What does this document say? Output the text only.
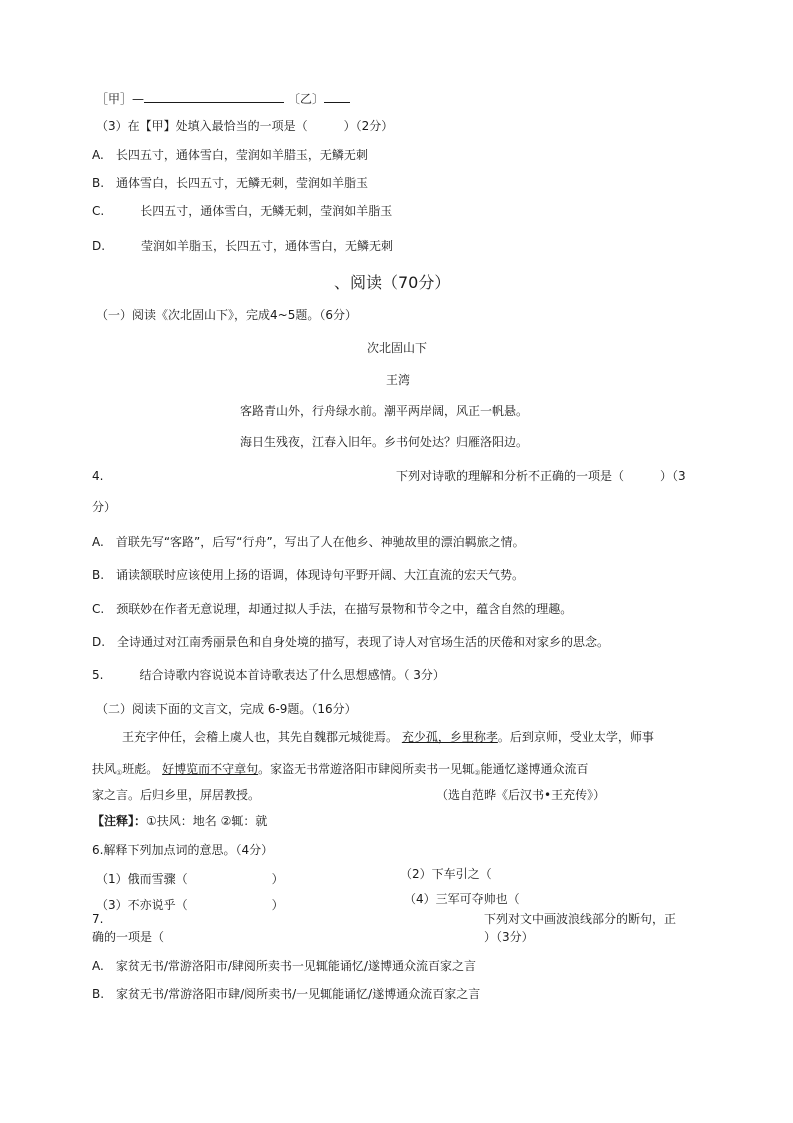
［甲］—	〔乙〕
（3）在【甲】处填入最恰当的一项是（　　　）（2分）
A.　长四五寸，通体雪白，莹润如羊腊玉，无鳞无刺
B.　通体雪白，长四五寸，无鳞无刺，莹润如羊脂玉
C.　　　长四五寸，通体雪白，无鳞无刺，莹润如羊脂玉
D.　　　莹润如羊脂玉，长四五寸，通体雪白，无鳞无刺
、阅读（70分）
（一）阅读《次北固山下》，完成4~5题。（6分）
次北固山下
王湾
客路青山外，行舟绿水前。潮平两岸阔，风正一帆悬。
海日生残夜，江春入旧年。乡书何处达？归雁洛阳边。
4.	下列对诗歌的理解和分析不正确的一项是（　　　）（3
分）
A.　首联先写“客路”，后写“行舟”，写出了人在他乡、神驰故里的漂泊羁旅之情。
B.　诵读颔联时应该使用上扬的语调，体现诗句平野开阔、大江直流的宏天气势。
C.　颈联妙在作者无意说理，却通过拟人手法，在描写景物和节令之中，蕴含自然的理趣。
D.　全诗通过对江南秀丽景色和自身处境的描写，表现了诗人对官场生活的厌倦和对家乡的思念。
5.　　　结合诗歌内容说说本首诗歌表达了什么思想感情。（ 3分）
（二）阅读下面的文言文，完成 6-9题。（16分）
王充字仲任，会稽上虞人也，其先自魏郡元城徙焉。 充少孤，乡里称孝。后到京师，受业太学，师事
扶风$_①$班彪。 好博览而不守章句。家盗无书常遊洛阳市肆阅所卖书一见辄$_②$能通忆遂博通众流百
家之言。后归乡里，屏居教授。	（选自范晔《后汉书•王充传》）
【注释】：①扶风：地名 ②辄：就
6.解释下列加点词的意思。（4分）
（1）俄而雪骤（　　　　　　　）	（2）下车引之（
（3）不亦说乎（　　　　　　　）	（4）三军可夺帅也（
7.	下列对文中画波浪线部分的断句，正
确的一项是（	）（3分）
A.　家贫无书/常游洛阳市/肆阅所卖书一见辄能诵忆/遂博通众流百家之言
B.　家贫无书/常游洛阳市肆/阅所卖书/一见辄能诵忆/遂博通众流百家之言
